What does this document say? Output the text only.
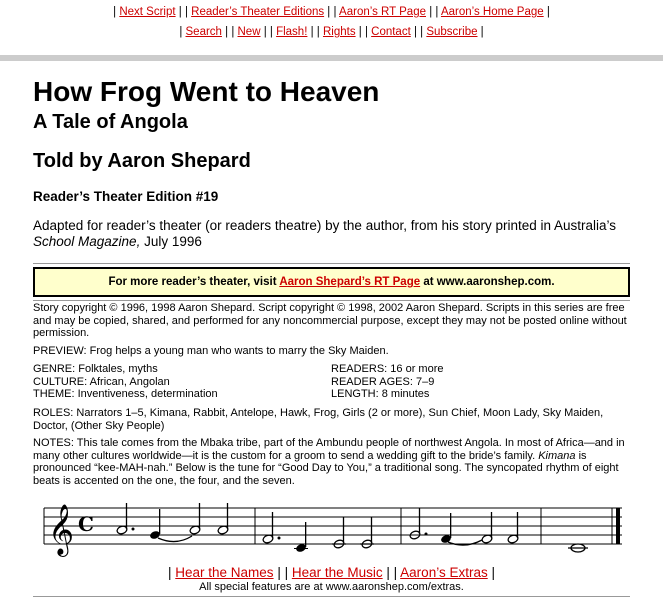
| Next Script | | Reader’s Theater Editions | | Aaron’s RT Page | | Aaron’s Home Page |
| Search | | New | | Flash! | | Rights | | Contact | | Subscribe |
How Frog Went to Heaven
A Tale of Angola
Told by Aaron Shepard
Reader’s Theater Edition #19
Adapted for reader’s theater (or readers theatre) by the author, from his story printed in Australia’s School Magazine, July 1996
For more reader’s theater, visit Aaron Shepard’s RT Page at www.aaronshep.com.
Story copyright © 1996, 1998 Aaron Shepard. Script copyright © 1998, 2002 Aaron Shepard. Scripts in this series are free and may be copied, shared, and performed for any noncommercial purpose, except they may not be posted online without permission.
PREVIEW: Frog helps a young man who wants to marry the Sky Maiden.
GENRE: Folktales, myths
CULTURE: African, Angolan
THEME: Inventiveness, determination
READERS: 16 or more
READER AGES: 7–9
LENGTH: 8 minutes
ROLES: Narrators 1–5, Kimana, Rabbit, Antelope, Hawk, Frog, Girls (2 or more), Sun Chief, Moon Lady, Sky Maiden, Doctor, (Other Sky People)
NOTES: This tale comes from the Mbaka tribe, part of the Ambundu people of northwest Angola. In most of Africa—and in many other cultures worldwide—it is the custom for a groom to send a wedding gift to the bride’s family. Kimana is pronounced “kee-MAH-nah.” Below is the tune for “Good Day to You,” a traditional song. The syncopated rhythm of eight beats is accented on the one, the four, and the seven.
𝄞 C
| Hear the Names | | Hear the Music | | Aaron’s Extras |
All special features are at www.aaronshep.com/extras.
